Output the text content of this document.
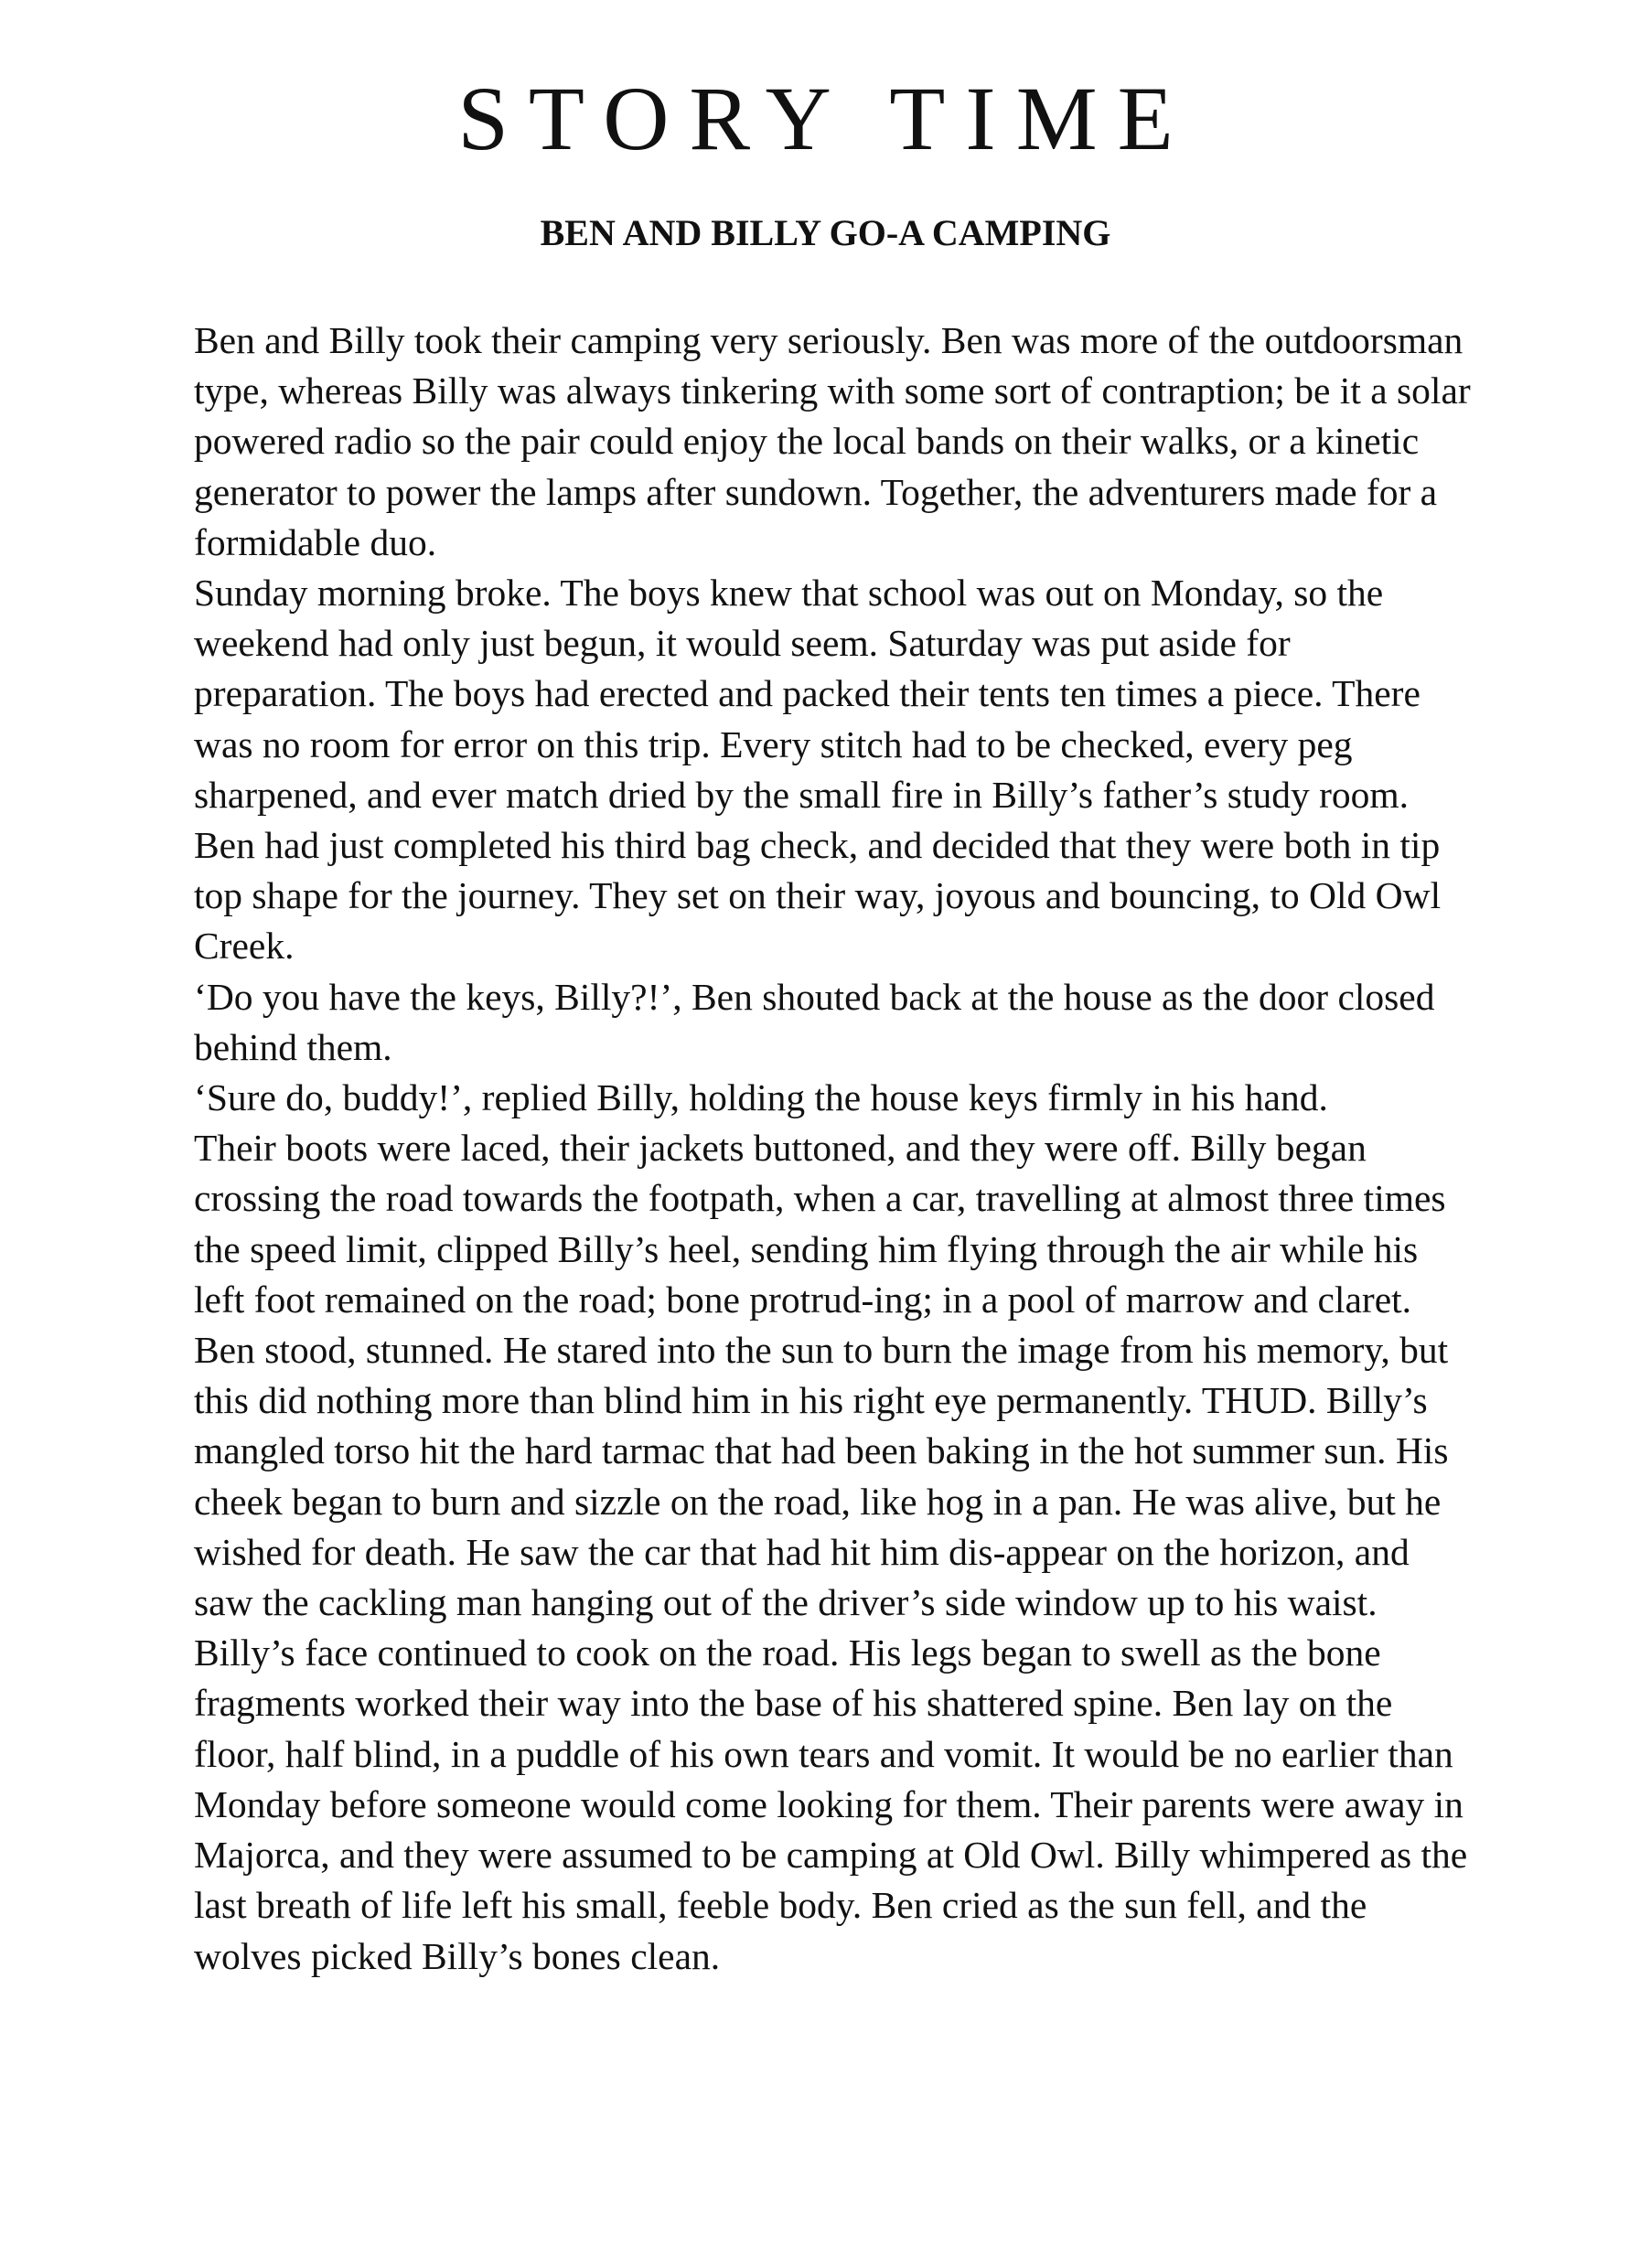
STORY TIME
BEN AND BILLY GO-A CAMPING

Ben and Billy took their camping very seriously. Ben was more of the outdoorsman type, whereas Billy was always tinkering with some sort of contraption; be it a solar powered radio so the pair could enjoy the local bands on their walks, or a kinetic generator to power the lamps after sundown. Together, the adventurers made for a formidable duo.

Sunday morning broke. The boys knew that school was out on Monday, so the weekend had only just begun, it would seem. Saturday was put aside for preparation. The boys had erected and packed their tents ten times a piece. There was no room for error on this trip. Every stitch had to be checked, every peg sharpened, and ever match dried by the small fire in Billy’s father’s study room. Ben had just completed his third bag check, and decided that they were both in tip top shape for the journey. They set on their way, joyous and bouncing, to Old Owl Creek.

‘Do you have the keys, Billy?!’, Ben shouted back at the house as the door closed behind them.

‘Sure do, buddy!’, replied Billy, holding the house keys firmly in his hand.

Their boots were laced, their jackets buttoned, and they were off. Billy began crossing the road towards the footpath, when a car, travelling at almost three times the speed limit, clipped Billy’s heel, sending him flying through the air while his left foot remained on the road; bone protrud-ing; in a pool of marrow and claret. Ben stood, stunned. He stared into the sun to burn the image from his memory, but this did nothing more than blind him in his right eye permanently. THUD. Billy’s mangled torso hit the hard tarmac that had been baking in the hot summer sun. His cheek began to burn and sizzle on the road, like hog in a pan. He was alive, but he wished for death. He saw the car that had hit him dis-appear on the horizon, and saw the cackling man hanging out of the driver’s side window up to his waist.

Billy’s face continued to cook on the road. His legs began to swell as the bone fragments worked their way into the base of his shattered spine. Ben lay on the floor, half blind, in a puddle of his own tears and vomit. It would be no earlier than Monday before someone would come looking for them. Their parents were away in Majorca, and they were assumed to be camping at Old Owl. Billy whimpered as the last breath of life left his small, feeble body. Ben cried as the sun fell, and the wolves picked Billy’s bones clean.
